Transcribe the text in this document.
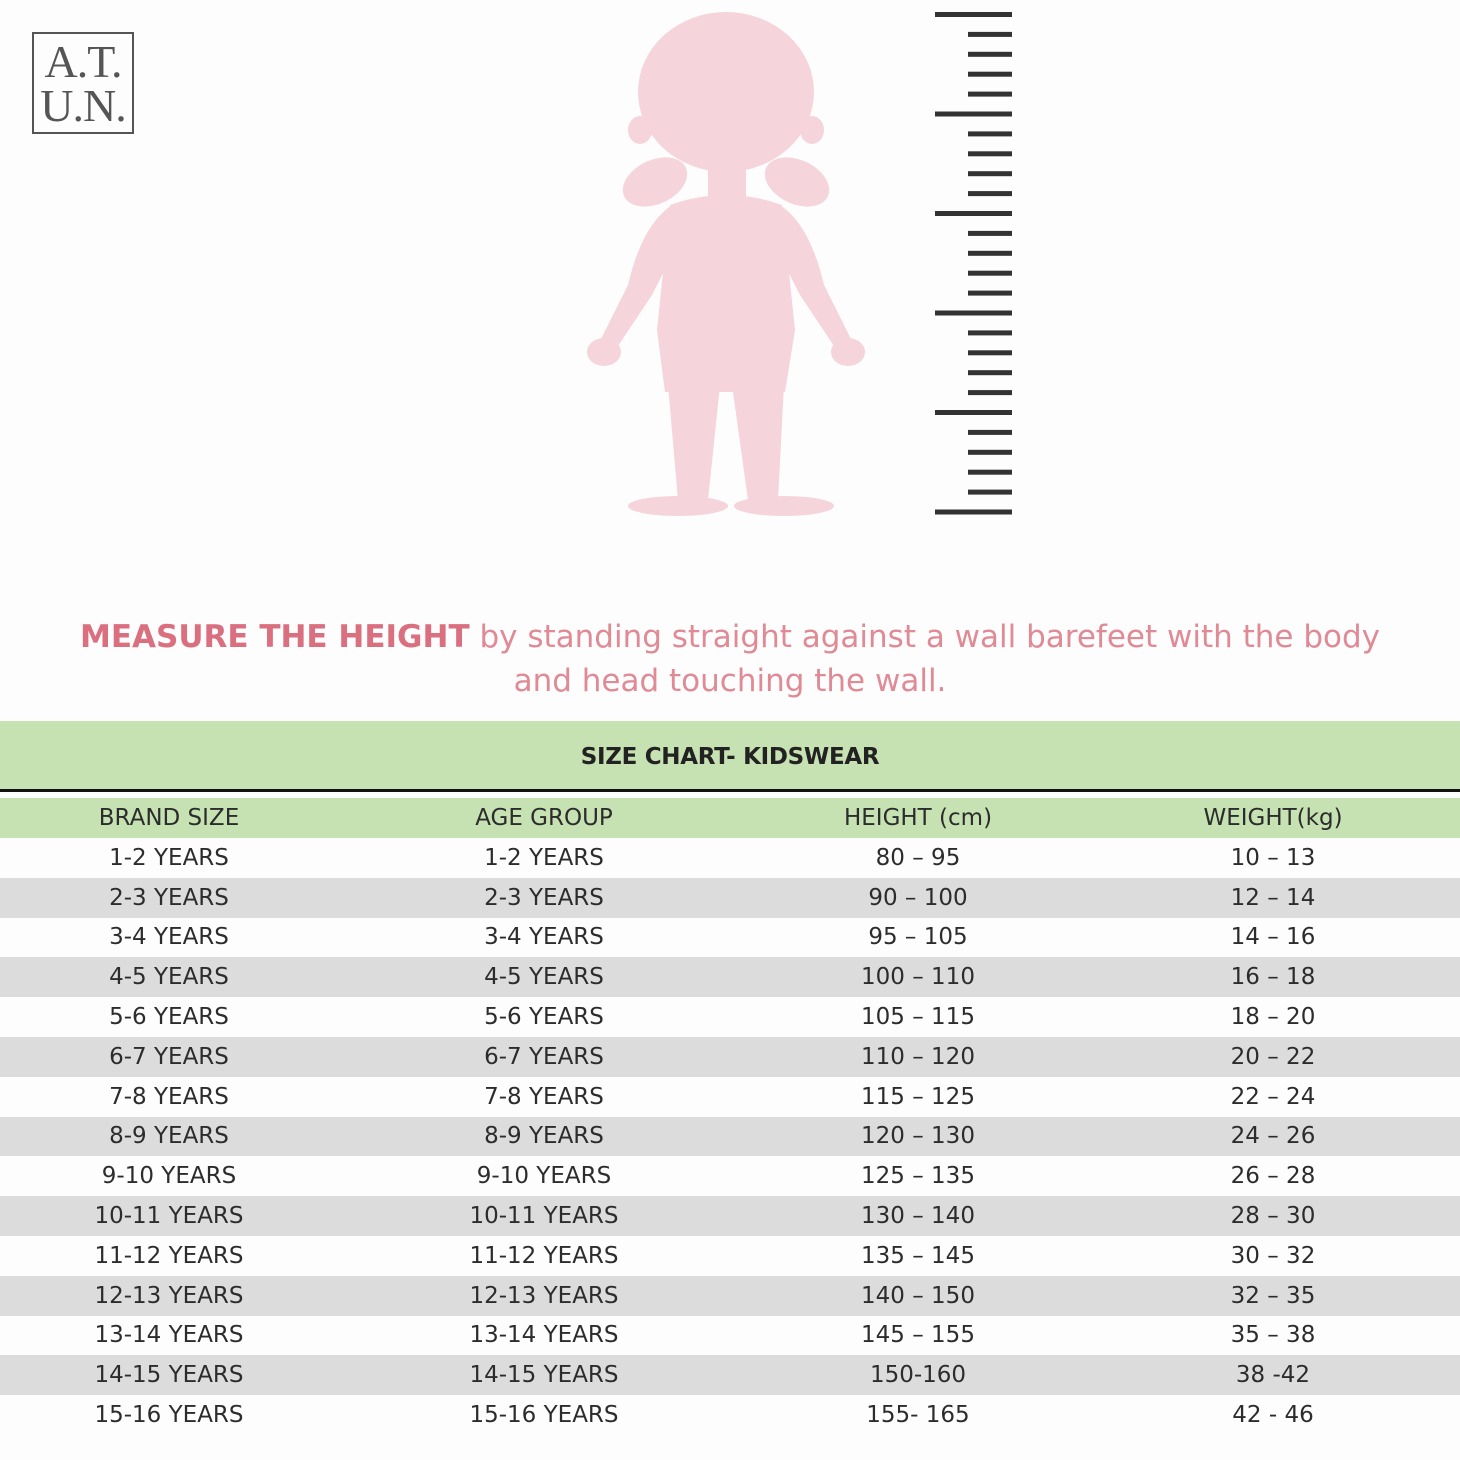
A.T.
U.N.
MEASURE THE HEIGHT by standing straight against a wall barefeet with the body and head touching the wall.
SIZE CHART- KIDSWEAR
BRAND SIZE	AGE GROUP	HEIGHT (cm)	WEIGHT(kg)
1-2 YEARS	1-2 YEARS	80 – 95	10 – 13
2-3 YEARS	2-3 YEARS	90 – 100	12 – 14
3-4 YEARS	3-4 YEARS	95 – 105	14 – 16
4-5 YEARS	4-5 YEARS	100 – 110	16 – 18
5-6 YEARS	5-6 YEARS	105 – 115	18 – 20
6-7 YEARS	6-7 YEARS	110 – 120	20 – 22
7-8 YEARS	7-8 YEARS	115 – 125	22 – 24
8-9 YEARS	8-9 YEARS	120 – 130	24 – 26
9-10 YEARS	9-10 YEARS	125 – 135	26 – 28
10-11 YEARS	10-11 YEARS	130 – 140	28 – 30
11-12 YEARS	11-12 YEARS	135 – 145	30 – 32
12-13 YEARS	12-13 YEARS	140 – 150	32 – 35
13-14 YEARS	13-14 YEARS	145 – 155	35 – 38
14-15 YEARS	14-15 YEARS	150-160	38 -42
15-16 YEARS	15-16 YEARS	155- 165	42 - 46
